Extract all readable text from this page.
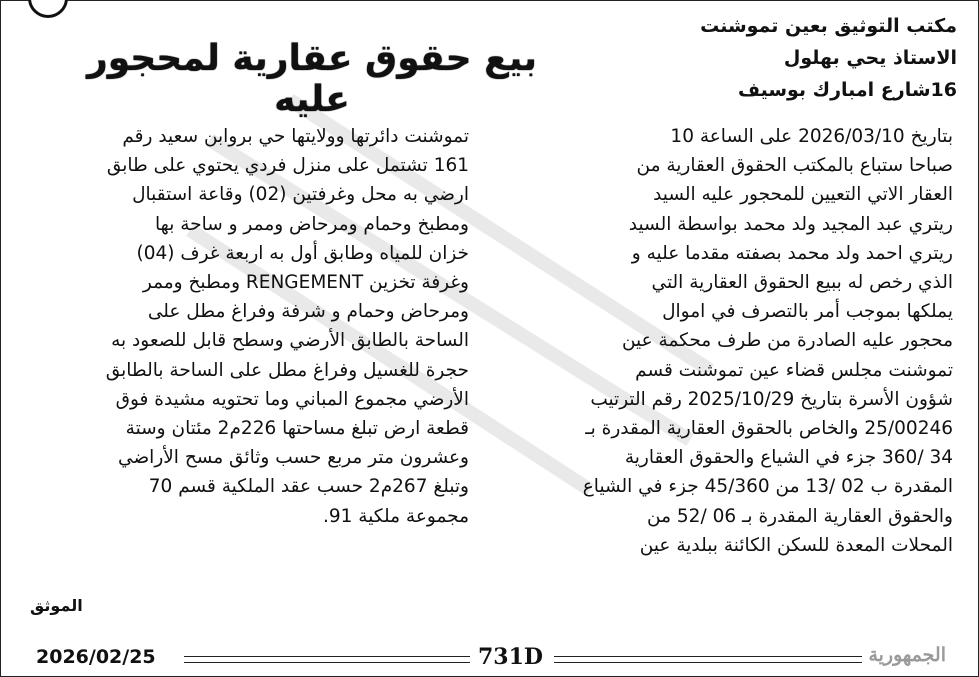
مكتب التوثيق بعين تموشنت
الاستاذ يحي بهلول
16شارع امبارك بوسيف
بيع حقوق عقارية لمحجور عليه
بتاريخ 2026/03/10 على الساعة 10
صباحا ستباع بالمكتب الحقوق العقارية من
العقار الاتي التعيين للمحجور عليه السيد
ريتري عبد المجيد ولد محمد بواسطة السيد
ريتري احمد ولد محمد بصفته مقدما عليه و
الذي رخص له ببيع الحقوق العقارية التي
يملكها بموجب أمر بالتصرف في اموال
محجور عليه الصادرة من طرف محكمة عين
تموشنت مجلس قضاء عين تموشنت قسم
شؤون الأسرة بتاريخ 2025/10/29 رقم الترتيب
25/00246 والخاص بالحقوق العقارية المقدرة بـ
34 /360 جزء في الشياع والحقوق العقارية
المقدرة ب 02 /13 من 45/360 جزء في الشياع
والحقوق العقارية المقدرة بـ 06 /52 من
المحلات المعدة للسكن الكائنة ببلدية عين
تموشنت دائرتها وولايتها حي بروابن سعيد رقم
161 تشتمل على منزل فردي يحتوي على طابق
ارضي به محل وغرفتين (02) وقاعة استقبال
ومطبخ وحمام ومرحاض وممر و ساحة بها
خزان للمياه وطابق أول به اربعة غرف (04)
وغرفة تخزين RENGEMENT ومطبخ وممر
ومرحاض وحمام و شرفة وفراغ مطل على
الساحة بالطابق الأرضي وسطح قابل للصعود به
حجرة للغسيل وفراغ مطل على الساحة بالطابق
الأرضي مجموع المباني وما تحتويه مشيدة فوق
قطعة ارض تبلغ مساحتها 226م2 مئتان وستة
وعشرون متر مربع حسب وثائق مسح الأراضي
وتبلغ 267م2 حسب عقد الملكية قسم 70
مجموعة ملكية 91.
الموثق
2026/02/25	731D	الجمهورية
